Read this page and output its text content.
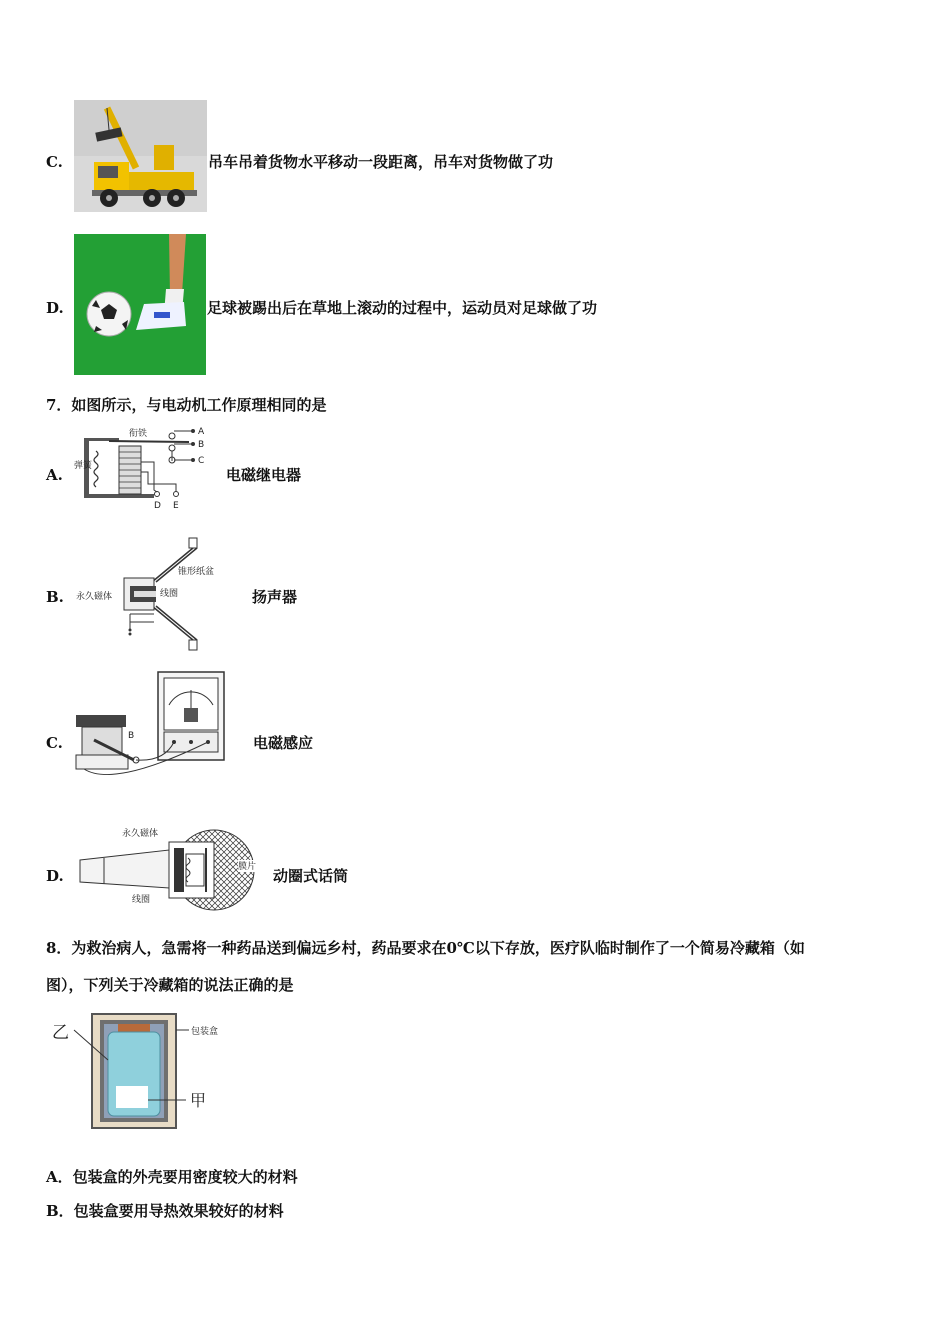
C.	吊车吊着货物水平移动一段距离，吊车对货物做了功
D.	足球被踢出后在草地上滚动的过程中，运动员对足球做了功
7．如图所示，与电动机工作原理相同的是
A.
衔铁
弹簧
A
B
C
D E
电磁继电器
B.
锥形纸盆
永久磁体	线圈	扬声器
C.	B	电磁感应
D.
永久磁体
线圈
膜片 动圈式话筒
8．为救治病人，急需将一种药品送到偏远乡村，药品要求在0℃以下存放，医疗队临时制作了一个简易冷藏箱（如
图），下列关于冷藏箱的说法正确的是
乙	包装盒
甲
A．包装盒的外壳要用密度较大的材料
B．包装盒要用导热效果较好的材料
